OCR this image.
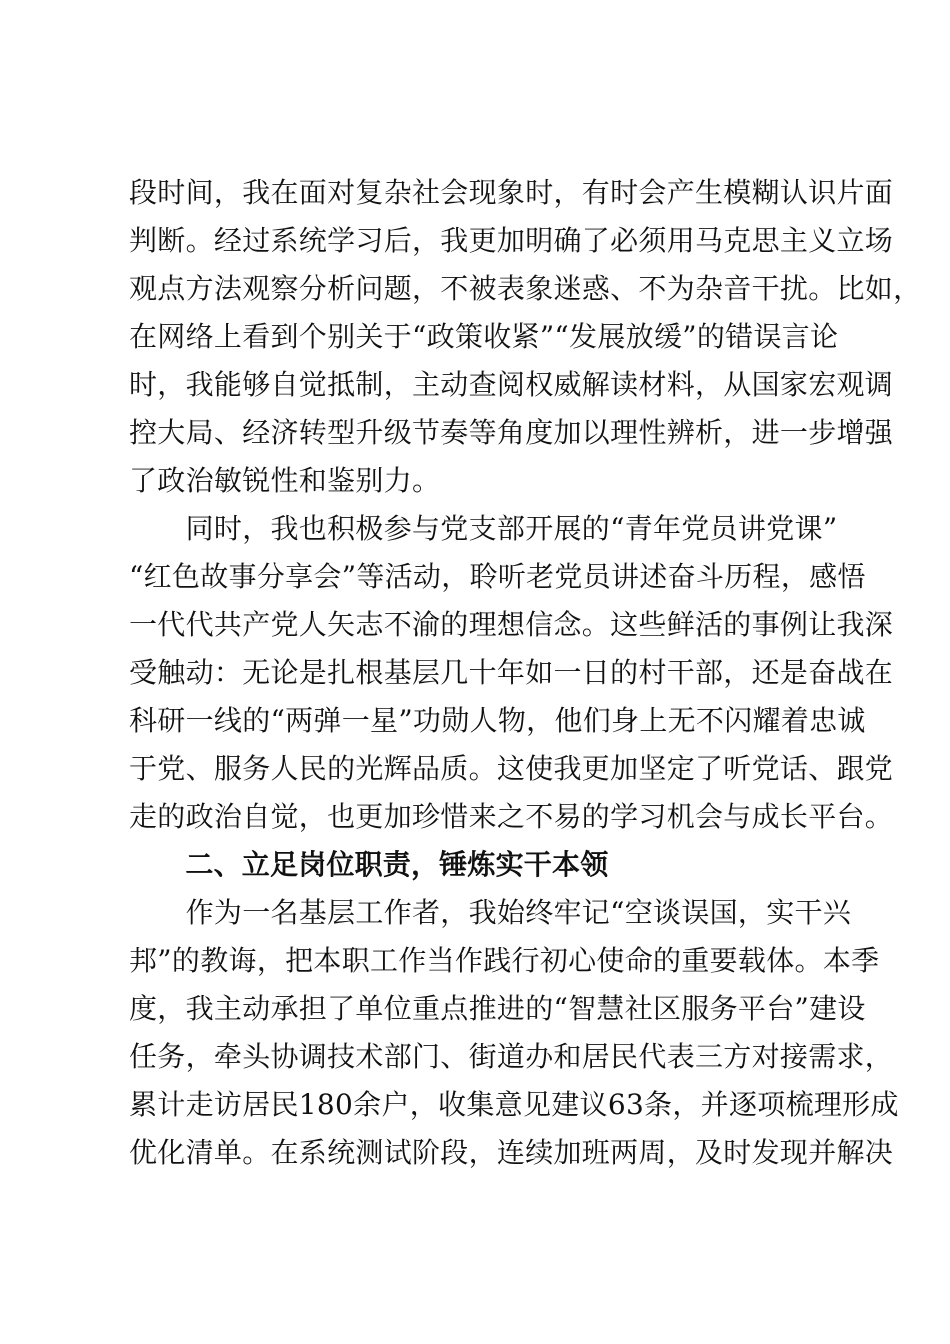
段时间，我在面对复杂社会现象时，有时会产生模糊认识片面
判断。经过系统学习后，我更加明确了必须用马克思主义立场
观点方法观察分析问题，不被表象迷惑、不为杂音干扰。比如，
在网络上看到个别关于“政策收紧”“发展放缓”的错误言论
时，我能够自觉抵制，主动查阅权威解读材料，从国家宏观调
控大局、经济转型升级节奏等角度加以理性辨析，进一步增强
了政治敏锐性和鉴别力。
　　同时，我也积极参与党支部开展的“青年党员讲党课”
“红色故事分享会”等活动，聆听老党员讲述奋斗历程，感悟
一代代共产党人矢志不渝的理想信念。这些鲜活的事例让我深
受触动：无论是扎根基层几十年如一日的村干部，还是奋战在
科研一线的“两弹一星”功勋人物，他们身上无不闪耀着忠诚
于党、服务人民的光辉品质。这使我更加坚定了听党话、跟党
走的政治自觉，也更加珍惜来之不易的学习机会与成长平台。
　　二、立足岗位职责，锤炼实干本领
　　作为一名基层工作者，我始终牢记“空谈误国，实干兴
邦”的教诲，把本职工作当作践行初心使命的重要载体。本季
度，我主动承担了单位重点推进的“智慧社区服务平台”建设
任务，牵头协调技术部门、街道办和居民代表三方对接需求，
累计走访居民180余户，收集意见建议63条，并逐项梳理形成
优化清单。在系统测试阶段，连续加班两周，及时发现并解决
